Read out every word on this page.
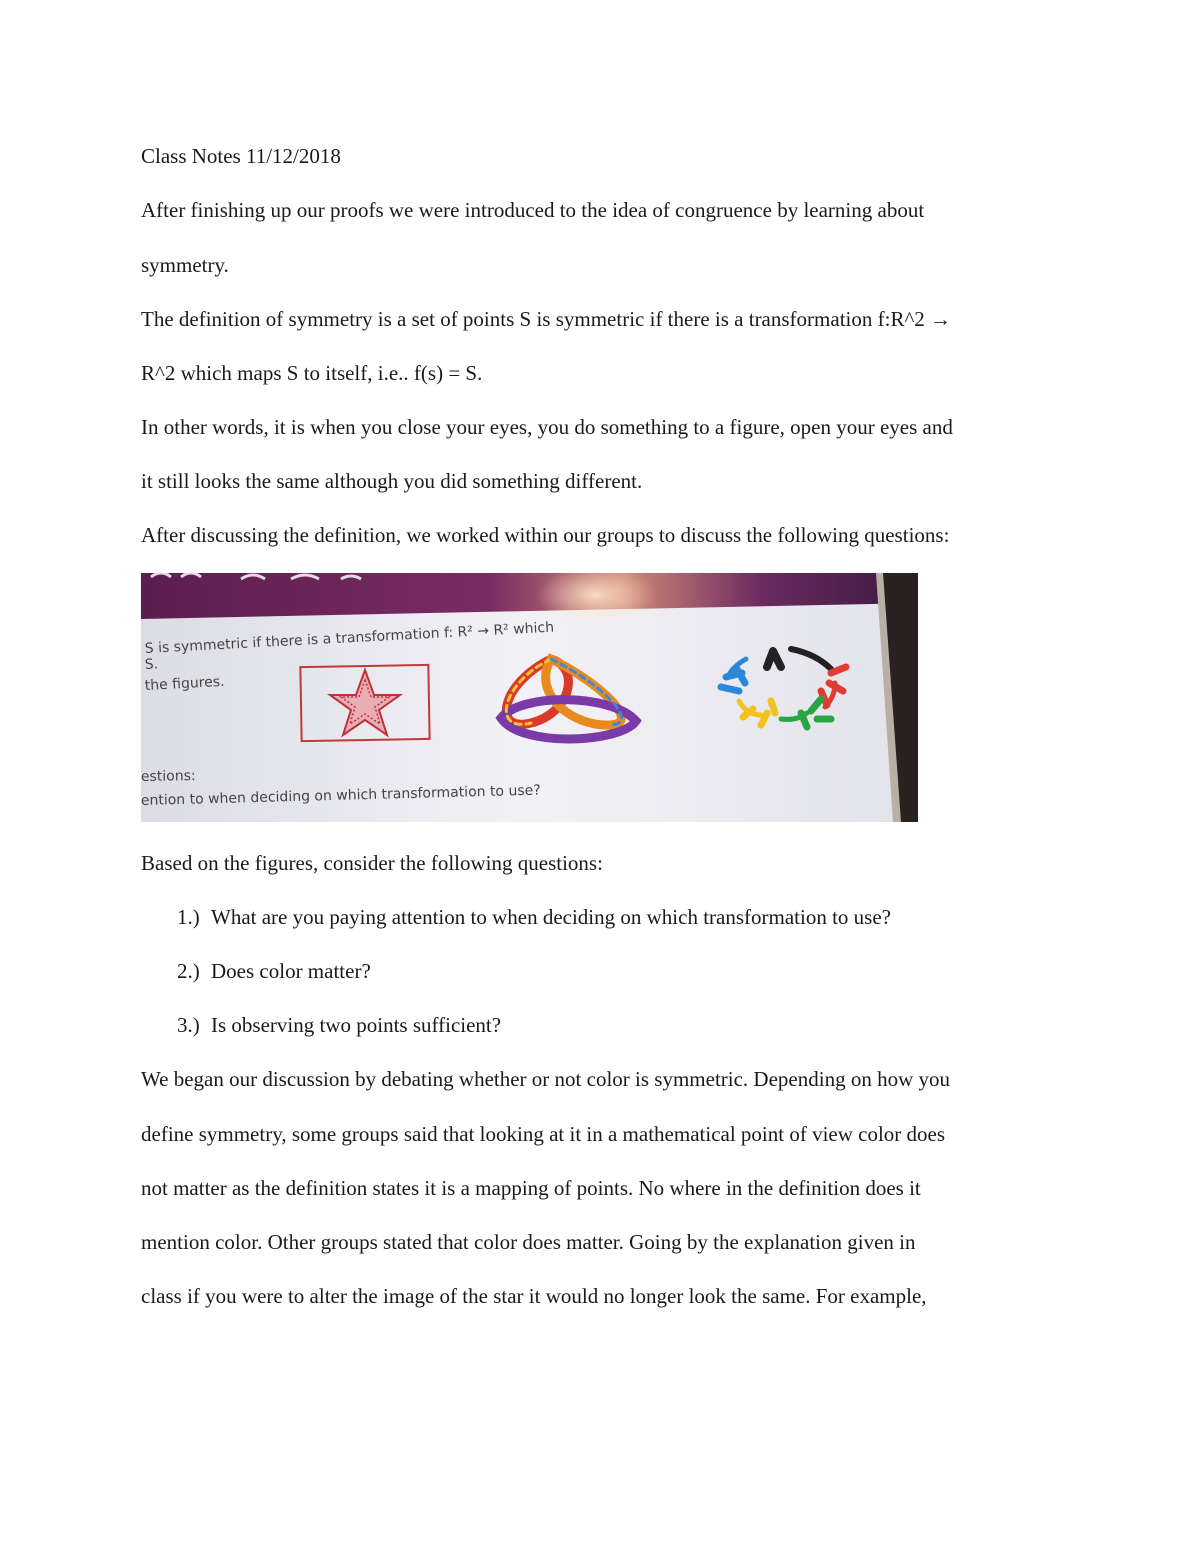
Class Notes 11/12/2018
After finishing up our proofs we were introduced to the idea of congruence by learning about
symmetry.
The definition of symmetry is a set of points S is symmetric if there is a transformation f:R^2 →
R^2 which maps S to itself, i.e.. f(s) = S.
In other words, it is when you close your eyes, you do something to a figure, open your eyes and
it still looks the same although you did something different.
After discussing the definition, we worked within our groups to discuss the following questions:
S is symmetric if there is a transformation f: R² → R² which
S.
the figures.
estions:
ention to when deciding on which transformation to use?
Based on the figures, consider the following questions:
1.) What are you paying attention to when deciding on which transformation to use?
2.) Does color matter?
3.) Is observing two points sufficient?
We began our discussion by debating whether or not color is symmetric. Depending on how you
define symmetry, some groups said that looking at it in a mathematical point of view color does
not matter as the definition states it is a mapping of points. No where in the definition does it
mention color. Other groups stated that color does matter. Going by the explanation given in
class if you were to alter the image of the star it would no longer look the same. For example,
